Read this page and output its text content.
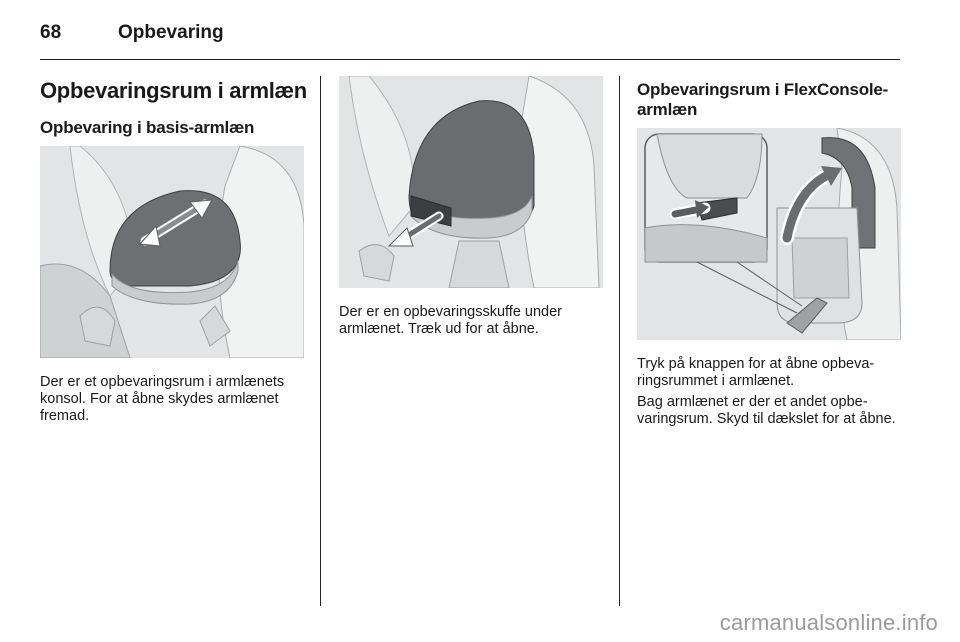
68	Opbevaring
Opbevaringsrum i armlæn
Opbevaring i basis-armlæn

Der er et opbevaringsrum i armlænets konsol. For at åbne skydes armlænet fremad.

Der er en opbevaringsskuffe under armlænet. Træk ud for at åbne.

Opbevaringsrum i FlexConsole-armlæn

Tryk på knappen for at åbne opbeva-ringsrummet i armlænet.

Bag armlænet er der et andet opbe-varingsrum. Skyd til dækslet for at åbne.

carmanualsonline.info
